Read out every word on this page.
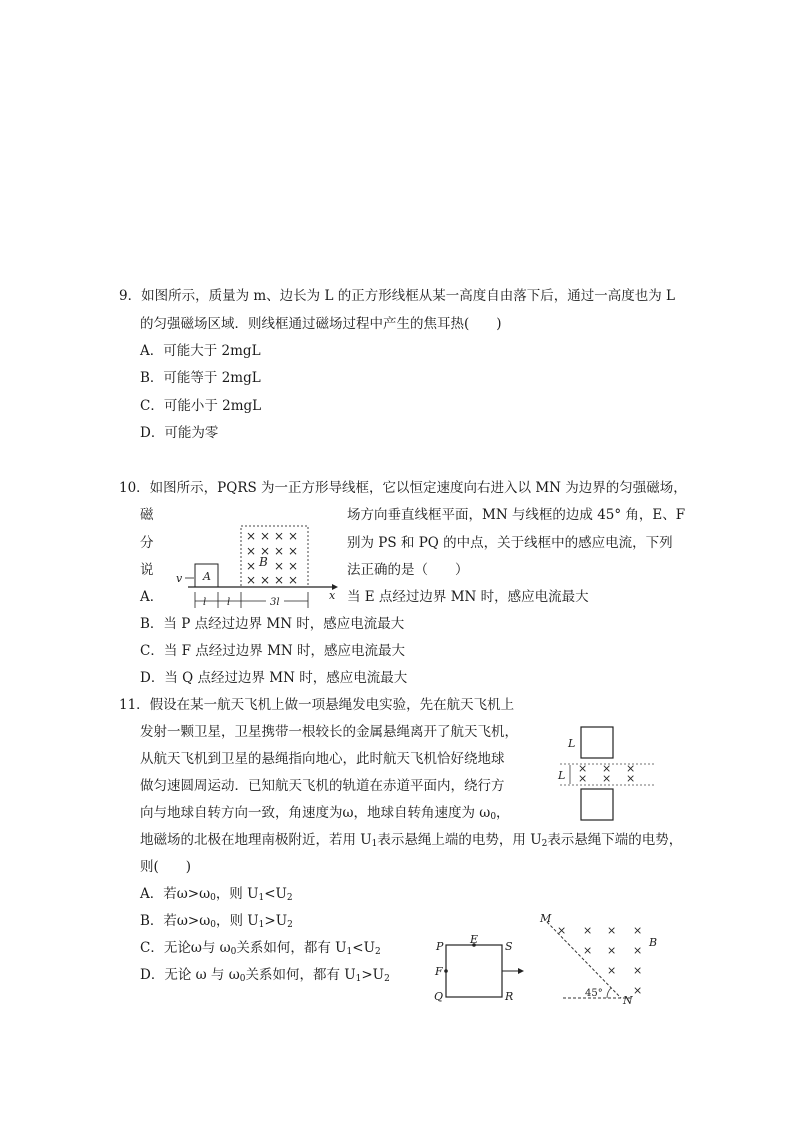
9．如图所示，质量为 m、边长为 L 的正方形线框从某一高度自由落下后，通过一高度也为 L
的匀强磁场区域．则线框通过磁场过程中产生的焦耳热(　　)
A．可能大于 2mgL
B．可能等于 2mgL
C．可能小于 2mgL
D．可能为零
10．如图所示，PQRS 为一正方形导线框，它以恒定速度向右进入以 MN 为边界的匀强磁场，
磁
分
说
A．
场方向垂直线框平面，MN 与线框的边成 45° 角，E、F
别为 PS 和 PQ 的中点，关于线框中的感应电流，下列
法正确的是（　　）
当 E 点经过边界 MN 时，感应电流最大
B．当 P 点经过边界 MN 时，感应电流最大
C．当 F 点经过边界 MN 时，感应电流最大
D．当 Q 点经过边界 MN 时，感应电流最大
× × × ×
× × × ×
× × ×
× × × ×
B
x
A
v
l l	3l
11．假设在某一航天飞机上做一项悬绳发电实验，先在航天飞机上
发射一颗卫星，卫星携带一根较长的金属悬绳离开了航天飞机，
从航天飞机到卫星的悬绳指向地心，此时航天飞机恰好绕地球
做匀速圆周运动．已知航天飞机的轨道在赤道平面内，绕行方
向与地球自转方向一致，角速度为ω，地球自转角速度为 $\omega_0$，
地磁场的北极在地理南极附近，若用 $U_1$表示悬绳上端的电势，用 $U_2$表示悬绳下端的电势，
则(　　)
A．若$\omega>\omega_0$，则 $U_1<U_2$
B．若$\omega>\omega_0$，则 $U_1>U_2$
C．无论ω与 $\omega_0$关系如何，都有 $U_1<U_2$
D．无论 ω 与 $\omega_0$关系如何，都有 $U_1>U_2$
L
× × ×
× × ×
L
P
E
S
F
Q	R
× × × ×
× × ×
× ×
×
M
B
45°
N
